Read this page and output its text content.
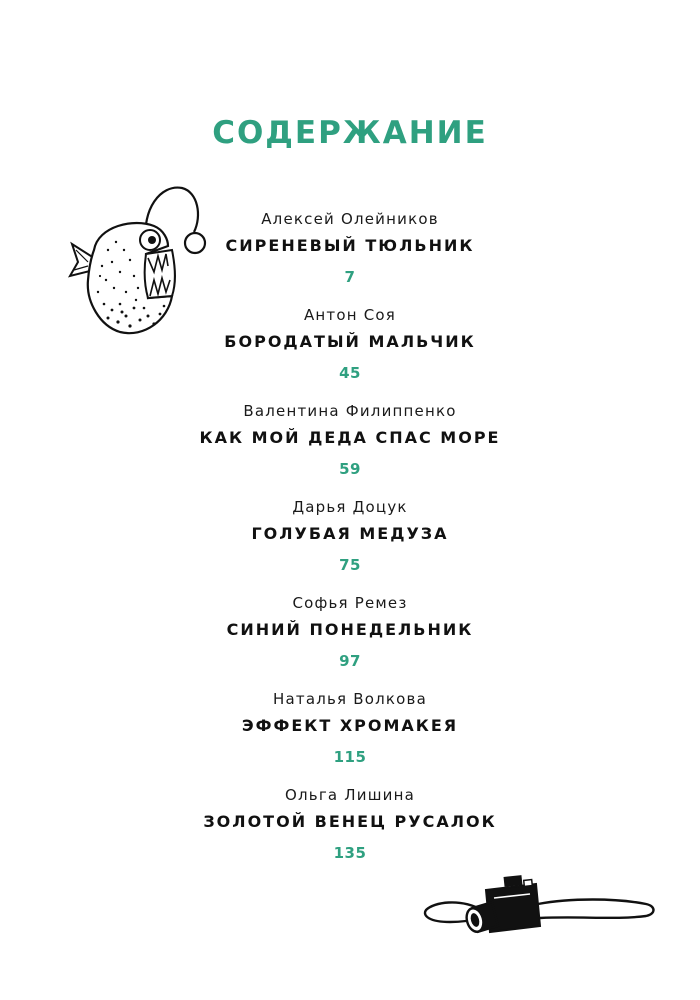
СОДЕРЖАНИЕ
Алексей Олейников
СИРЕНЕВЫЙ ТЮЛЬНИК
7
Антон Соя
БОРОДАТЫЙ МАЛЬЧИК
45
Валентина Филиппенко
КАК МОЙ ДЕДА СПАС МОРЕ
59
Дарья Доцук
ГОЛУБАЯ МЕДУЗА
75
Софья Ремез
СИНИЙ ПОНЕДЕЛЬНИК
97
Наталья Волкова
ЭФФЕКТ ХРОМАКЕЯ
115
Ольга Лишина
ЗОЛОТОЙ ВЕНЕЦ РУСАЛОК
135
